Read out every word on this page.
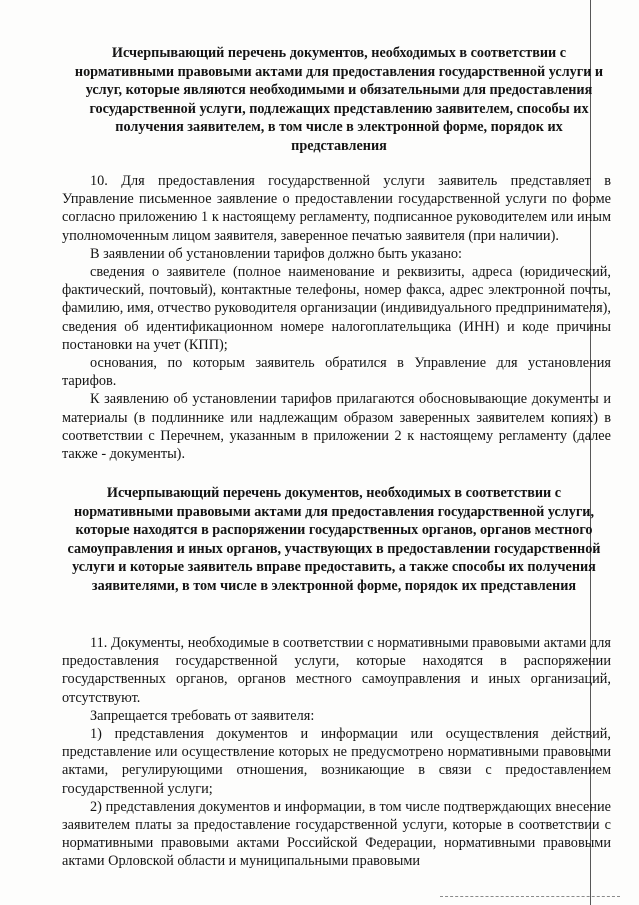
Исчерпывающий перечень документов, необходимых в соответствии с нормативными правовыми актами для предоставления государственной услуги и услуг, которые являются необходимыми и обязательными для предоставления государственной услуги, подлежащих представлению заявителем, способы их получения заявителем, в том числе в электронной форме, порядок их представления

10. Для предоставления государственной услуги заявитель представляет в Управление письменное заявление о предоставлении государственной услуги по форме согласно приложению 1 к настоящему регламенту, подписанное руководителем или иным уполномоченным лицом заявителя, заверенное печатью заявителя (при наличии).

В заявлении об установлении тарифов должно быть указано:

сведения о заявителе (полное наименование и реквизиты, адреса (юридический, фактический, почтовый), контактные телефоны, номер факса, адрес электронной почты, фамилию, имя, отчество руководителя организации (индивидуального предпринимателя), сведения об идентификационном номере налогоплательщика (ИНН) и коде причины постановки на учет (КПП);

основания, по которым заявитель обратился в Управление для установления тарифов.

К заявлению об установлении тарифов прилагаются обосновывающие документы и материалы (в подлиннике или надлежащим образом заверенных заявителем копиях) в соответствии с Перечнем, указанным в приложении 2 к настоящему регламенту (далее также - документы).

Исчерпывающий перечень документов, необходимых в соответствии с нормативными правовыми актами для предоставления государственной услуги, которые находятся в распоряжении государственных органов, органов местного самоуправления и иных органов, участвующих в предоставлении государственной услуги и которые заявитель вправе предоставить, а также способы их получения заявителями, в том числе в электронной форме, порядок их представления

11. Документы, необходимые в соответствии с нормативными правовыми актами для предоставления государственной услуги, которые находятся в распоряжении государственных органов, органов местного самоуправления и иных организаций, отсутствуют.

Запрещается требовать от заявителя:

1) представления документов и информации или осуществления действий, представление или осуществление которых не предусмотрено нормативными правовыми актами, регулирующими отношения, возникающие в связи с предоставлением государственной услуги;

2) представления документов и информации, в том числе подтверждающих внесение заявителем платы за предоставление государственной услуги, которые в соответствии с нормативными правовыми актами Российской Федерации, нормативными правовыми актами Орловской области и муниципальными правовыми
